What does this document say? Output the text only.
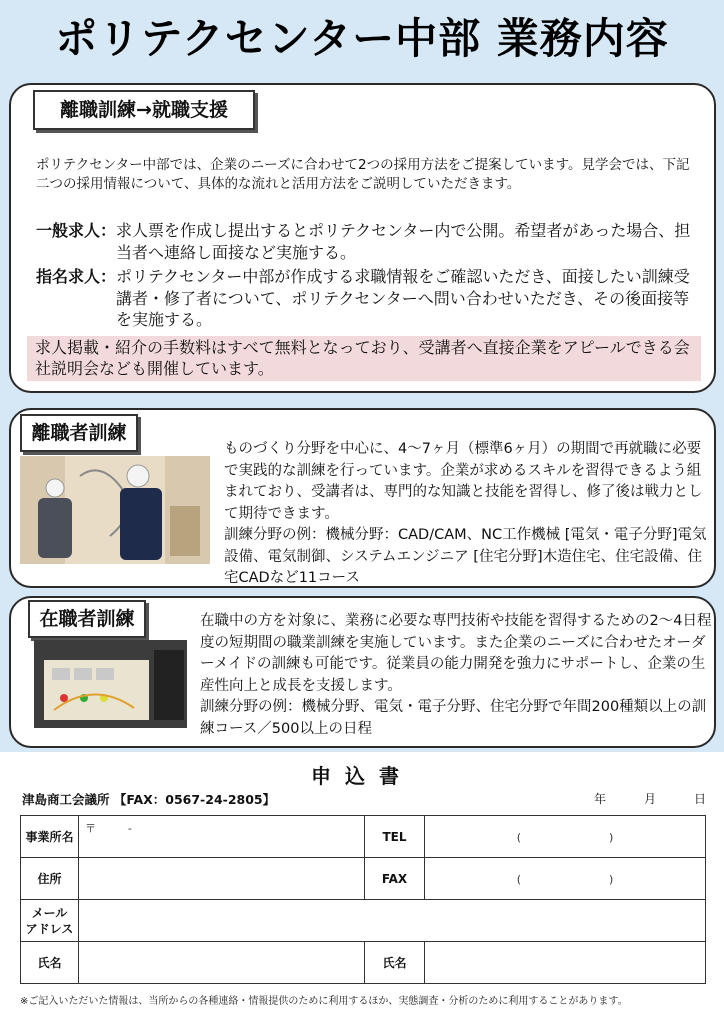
ポリテクセンター中部 業務内容
離職訓練→就職支援

ポリテクセンター中部では、企業のニーズに合わせて2つの採用方法をご提案しています。見学会では、下記二つの採用情報について、具体的な流れと活用方法をご説明していただきます。

一般求人： 求人票を作成し提出するとポリテクセンター内で公開。希望者があった場合、担当者へ連絡し面接など実施する。
指名求人： ポリテクセンター中部が作成する求職情報をご確認いただき、面接したい訓練受講者・修了者について、ポリテクセンターへ問い合わせいただき、その後面接等を実施する。
求人掲載・紹介の手数料はすべて無料となっており、受講者へ直接企業をアピールできる会社説明会なども開催しています。
離職者訓練

ものづくり分野を中心に、4～7ヶ月（標準6ヶ月）の期間で再就職に必要で実践的な訓練を行っています。企業が求めるスキルを習得できるよう組まれており、受講者は、専門的な知識と技能を習得し、修了後は戦力として期待できます。

訓練分野の例：機械分野：CAD/CAM、NC工作機械 [電気・電子分野]電気設備、電気制御、システムエンジニア [住宅分野]木造住宅、住宅設備、住宅CADなど11コース

在職者訓練	在職中の方を対象に、業務に必要な専門技術や技能を習得するための2～4日程度の短期間の職業訓練を実施しています。また企業のニーズに合わせたオーダーメイドの訓練も可能です。従業員の能力開発を強力にサポートし、企業の生産性向上と成長を支援します。

訓練分野の例：機械分野、電気・電子分野、住宅分野で年間200種類以上の訓練コース／500以上の日程

申込書
津島商工会議所 【FAX：0567-24-2805】	年	月	日
事業所名	〒 -	TEL	(　　　　　　　　)
住所		FAX	(　　　　　　　　)

メール
アドレス			

氏名		氏名	
※ご記入いただいた情報は、当所からの各種連絡・情報提供のために利用するほか、実態調査・分析のために利用することがあります。
